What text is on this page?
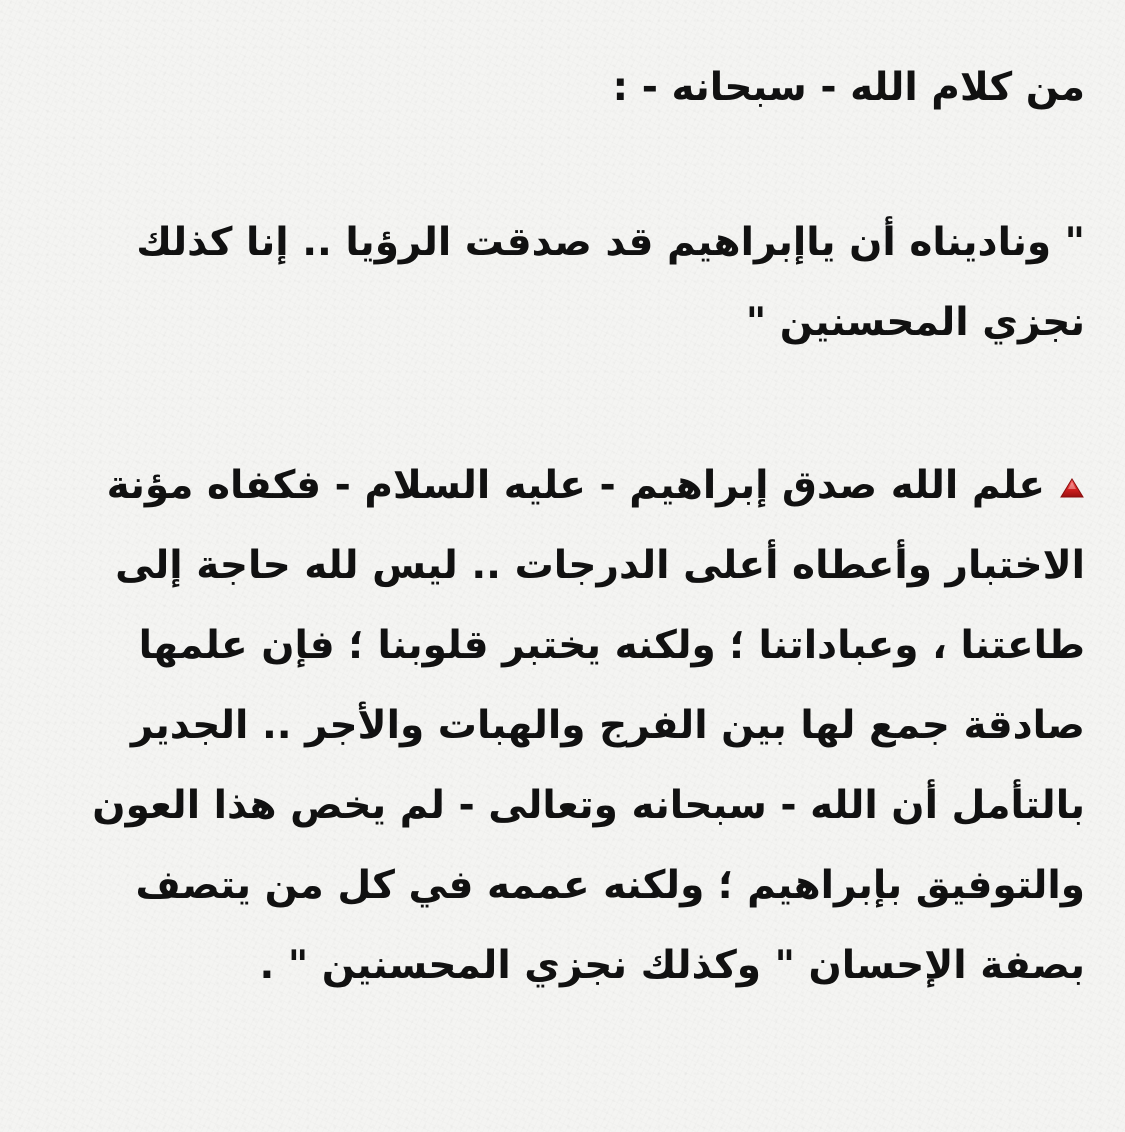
من كلام الله - سبحانه - :

" وناديناه أن ياإبراهيم قد صدقت الرؤيا .. إنا كذلك نجزي المحسنين "

علم الله صدق إبراهيم - عليه السلام - فكفاه مؤنة الاختبار وأعطاه أعلى الدرجات .. ليس لله حاجة إلى طاعتنا ، وعباداتنا ؛ ولكنه يختبر قلوبنا ؛ فإن علمها صادقة جمع لها بين الفرج والهبات والأجر .. الجدير بالتأمل أن الله - سبحانه وتعالى - لم يخص هذا العون والتوفيق بإبراهيم ؛ ولكنه عممه في كل من يتصف بصفة الإحسان " وكذلك نجزي المحسنين " .
